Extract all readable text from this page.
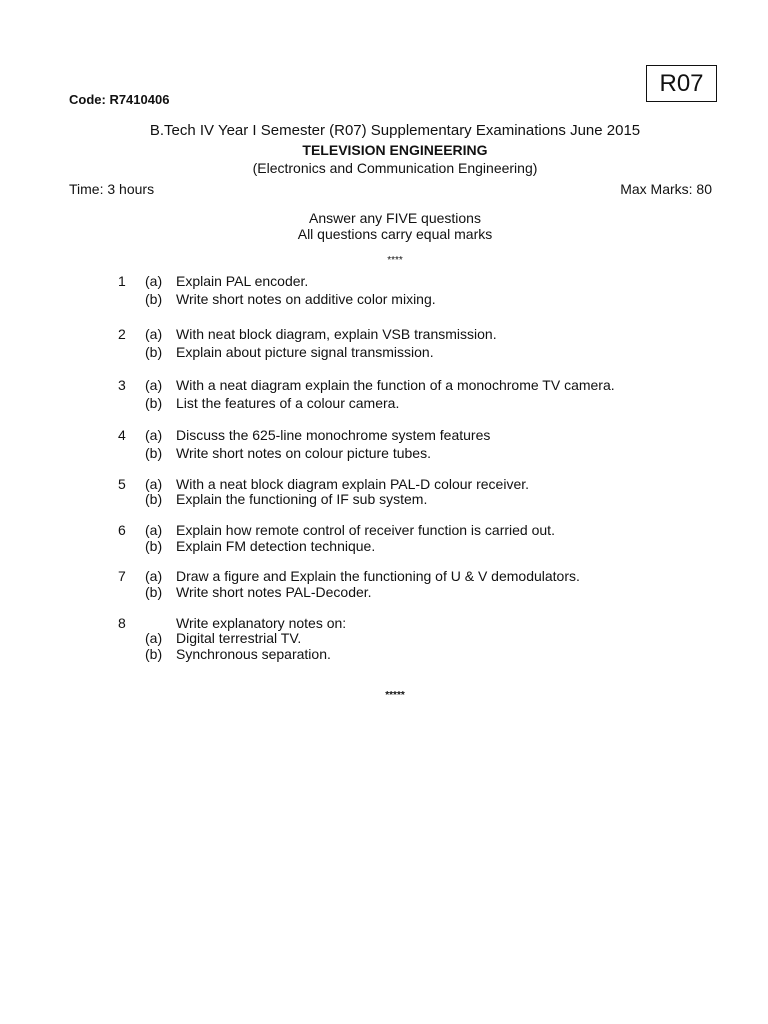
R07
Code: R7410406
B.Tech IV Year I Semester (R07) Supplementary Examinations June 2015
TELEVISION ENGINEERING
(Electronics and Communication Engineering)
Time: 3 hours	Max Marks: 80
Answer any FIVE questions
All questions carry equal marks
****
1 (a) Explain PAL encoder.
(b) Write short notes on additive color mixing.
2 (a) With neat block diagram, explain VSB transmission.
(b) Explain about picture signal transmission.
3 (a) With a neat diagram explain the function of a monochrome TV camera.
(b) List the features of a colour camera.
4 (a) Discuss the 625-line monochrome system features
(b) Write short notes on colour picture tubes.
5 (a) With a neat block diagram explain PAL-D colour receiver.
(b) Explain the functioning of IF sub system.
6 (a) Explain how remote control of receiver function is carried out.
(b) Explain FM detection technique.
7 (a) Draw a figure and Explain the functioning of U & V demodulators.
(b) Write short notes PAL-Decoder.
8	Write explanatory notes on:
(a) Digital terrestrial TV.
(b) Synchronous separation.
*****
